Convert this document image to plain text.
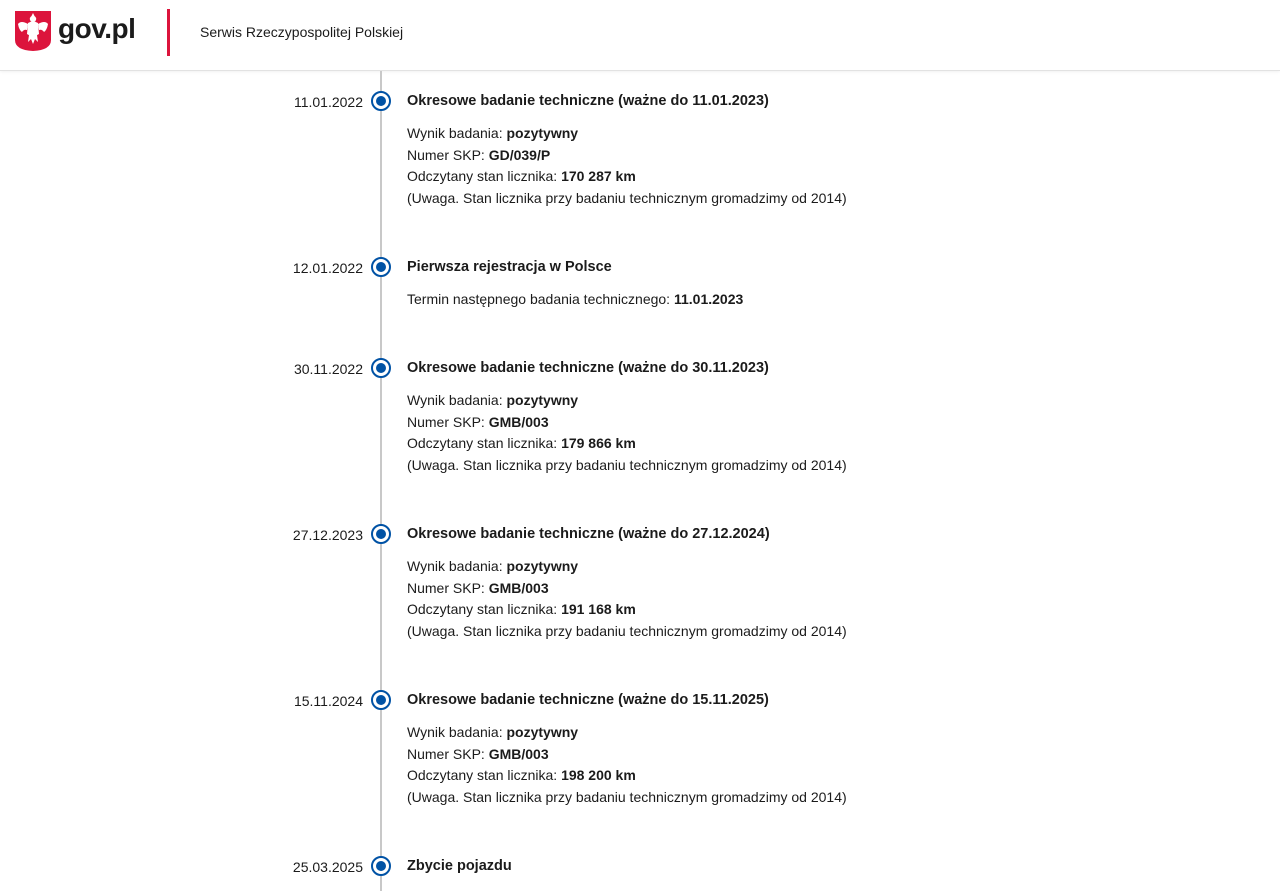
gov.pl	Serwis Rzeczypospolitej Polskiej
11.01.2022	Okresowe badanie techniczne (ważne do 11.01.2023)
Wynik badania: pozytywny
Numer SKP: GD/039/P
Odczytany stan licznika: 170 287 km
(Uwaga. Stan licznika przy badaniu technicznym gromadzimy od 2014)
12.01.2022	Pierwsza rejestracja w Polsce
Termin następnego badania technicznego: 11.01.2023
30.11.2022	Okresowe badanie techniczne (ważne do 30.11.2023)
Wynik badania: pozytywny
Numer SKP: GMB/003
Odczytany stan licznika: 179 866 km
(Uwaga. Stan licznika przy badaniu technicznym gromadzimy od 2014)
27.12.2023	Okresowe badanie techniczne (ważne do 27.12.2024)
Wynik badania: pozytywny
Numer SKP: GMB/003
Odczytany stan licznika: 191 168 km
(Uwaga. Stan licznika przy badaniu technicznym gromadzimy od 2014)
15.11.2024	Okresowe badanie techniczne (ważne do 15.11.2025)
Wynik badania: pozytywny
Numer SKP: GMB/003
Odczytany stan licznika: 198 200 km
(Uwaga. Stan licznika przy badaniu technicznym gromadzimy od 2014)
25.03.2025	Zbycie pojazdu
